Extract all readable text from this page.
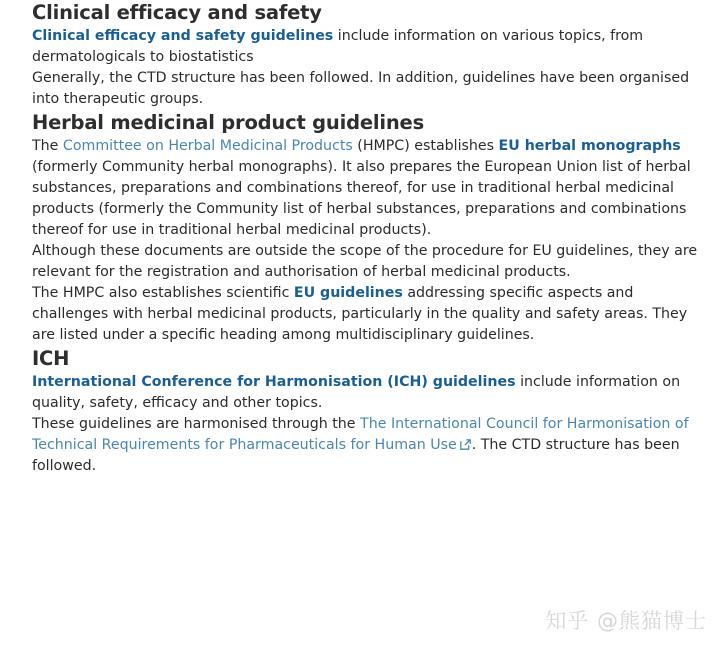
Clinical efficacy and safety

Clinical efficacy and safety guidelines include information on various topics, from dermatologicals to biostatistics

Generally, the CTD structure has been followed. In addition, guidelines have been organised into therapeutic groups.

Herbal medicinal product guidelines

The Committee on Herbal Medicinal Products (HMPC) establishes EU herbal monographs (formerly Community herbal monographs). It also prepares the European Union list of herbal substances, preparations and combinations thereof, for use in traditional herbal medicinal products (formerly the Community list of herbal substances, preparations and combinations thereof for use in traditional herbal medicinal products).

Although these documents are outside the scope of the procedure for EU guidelines, they are relevant for the registration and authorisation of herbal medicinal products.

The HMPC also establishes scientific EU guidelines addressing specific aspects and challenges with herbal medicinal products, particularly in the quality and safety areas. They are listed under a specific heading among multidisciplinary guidelines.

ICH

International Conference for Harmonisation (ICH) guidelines include information on quality, safety, efficacy and other topics.

These guidelines are harmonised through the The International Council for Harmonisation of Technical Requirements for Pharmaceuticals for Human Use . The CTD structure has been followed.

知乎 @熊猫博士
